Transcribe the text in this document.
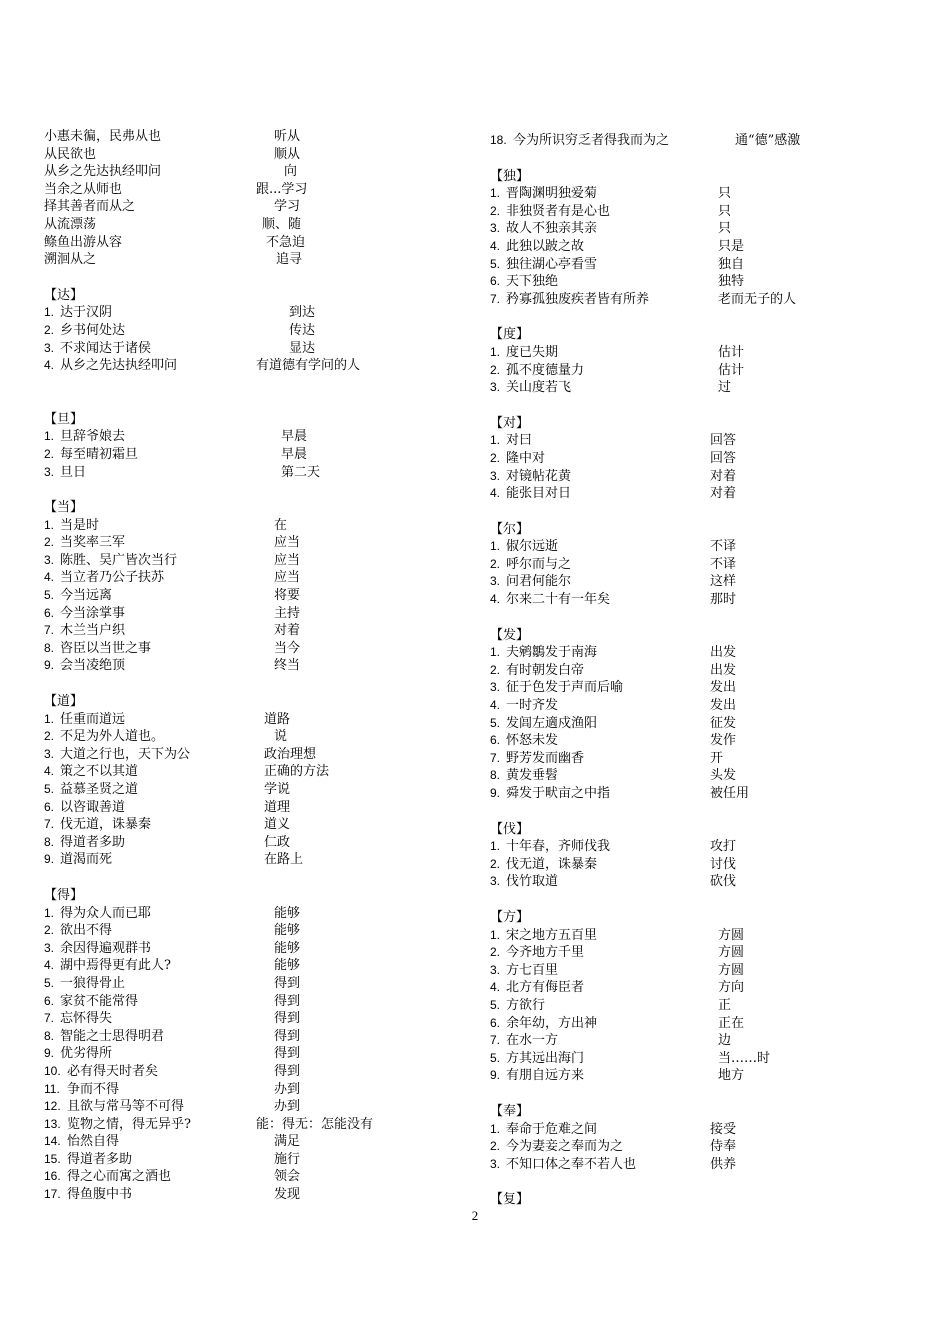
小惠未徧，民弗从也	听从
从民欲也	顺从
从乡之先达执经叩问	向
当余之从师也	跟...学习
择其善者而从之	学习
从流漂荡	顺、随
鲦鱼出游从容	不急迫
溯洄从之	追寻
【达】
1. 达于汉阴	到达
2. 乡书何处达	传达
3. 不求闻达于诸侯	显达
4. 从乡之先达执经叩问	有道德有学问的人
【旦】
1. 旦辞爷娘去	早晨
2. 每至晴初霜旦	早晨
3. 旦日	第二天
【当】
1. 当是时	在
2. 当奖率三军	应当
3. 陈胜、吴广皆次当行	应当
4. 当立者乃公子扶苏	应当
5. 今当远离	将要
6. 今当涂掌事	主持
7. 木兰当户织	对着
8. 咨臣以当世之事	当今
9. 会当凌绝顶	终当
【道】
1. 任重而道远	道路
2. 不足为外人道也。	说
3. 大道之行也，天下为公	政治理想
4. 策之不以其道	正确的方法
5. 益慕圣贤之道	学说
6. 以咨诹善道	道理
7. 伐无道，诛暴秦	道义
8. 得道者多助	仁政
9. 道渴而死	在路上
【得】
1. 得为众人而已耶	能够
2. 欲出不得	能够
3. 余因得遍观群书	能够
4. 湖中焉得更有此人?	能够
5. 一狼得骨止	得到
6. 家贫不能常得	得到
7. 忘怀得失	得到
8. 智能之士思得明君	得到
9. 优劣得所	得到
10. 必有得天时者矣	得到
11. 争而不得	办到
12. 且欲与常马等不可得	办到
13. 览物之情，得无异乎?	能：得无：怎能没有
14. 怡然自得	满足
15. 得道者多助	施行
16. 得之心而寓之酒也	领会
17. 得鱼腹中书	发现
18. 今为所识穷乏者得我而为之	通“德”感激
【独】
1. 晋陶渊明独爱菊	只
2. 非独贤者有是心也	只
3. 故人不独亲其亲	只
4. 此独以跛之故	只是
5. 独往湖心亭看雪	独自
6. 天下独绝	独特
7. 矜寡孤独废疾者皆有所养	老而无子的人
【度】
1. 度已失期	估计
2. 孤不度德量力	估计
3. 关山度若飞	过
【对】
1. 对曰	回答
2. 隆中对	回答
3. 对镜帖花黄	对着
4. 能张目对日	对着
【尔】
1. 俶尔远逝	不译
2. 呼尔而与之	不译
3. 问君何能尔	这样
4. 尔来二十有一年矣	那时
【发】
1. 夫鹓鶵发于南海	出发
2. 有时朝发白帝	出发
3. 征于色发于声而后喻	发出
4. 一时齐发	发出
5. 发闾左適戍渔阳	征发
6. 怀怒未发	发作
7. 野芳发而幽香	开
8. 黄发垂髫	头发
9. 舜发于畎亩之中指	被任用
【伐】
1. 十年春，齐师伐我	攻打
2. 伐无道，诛暴秦	讨伐
3. 伐竹取道	砍伐
【方】
1. 宋之地方五百里	方圆
2. 今齐地方千里	方圆
3. 方七百里	方圆
4. 北方有侮臣者	方向
5. 方欲行	正
6. 余年幼，方出神	正在
7. 在水一方	边
5. 方其远出海门	当……时
9. 有朋自远方来	地方
【奉】
1. 奉命于危难之间	接受
2. 今为妻妾之奉而为之	侍奉
3. 不知口体之奉不若人也	供养
【复】
2
